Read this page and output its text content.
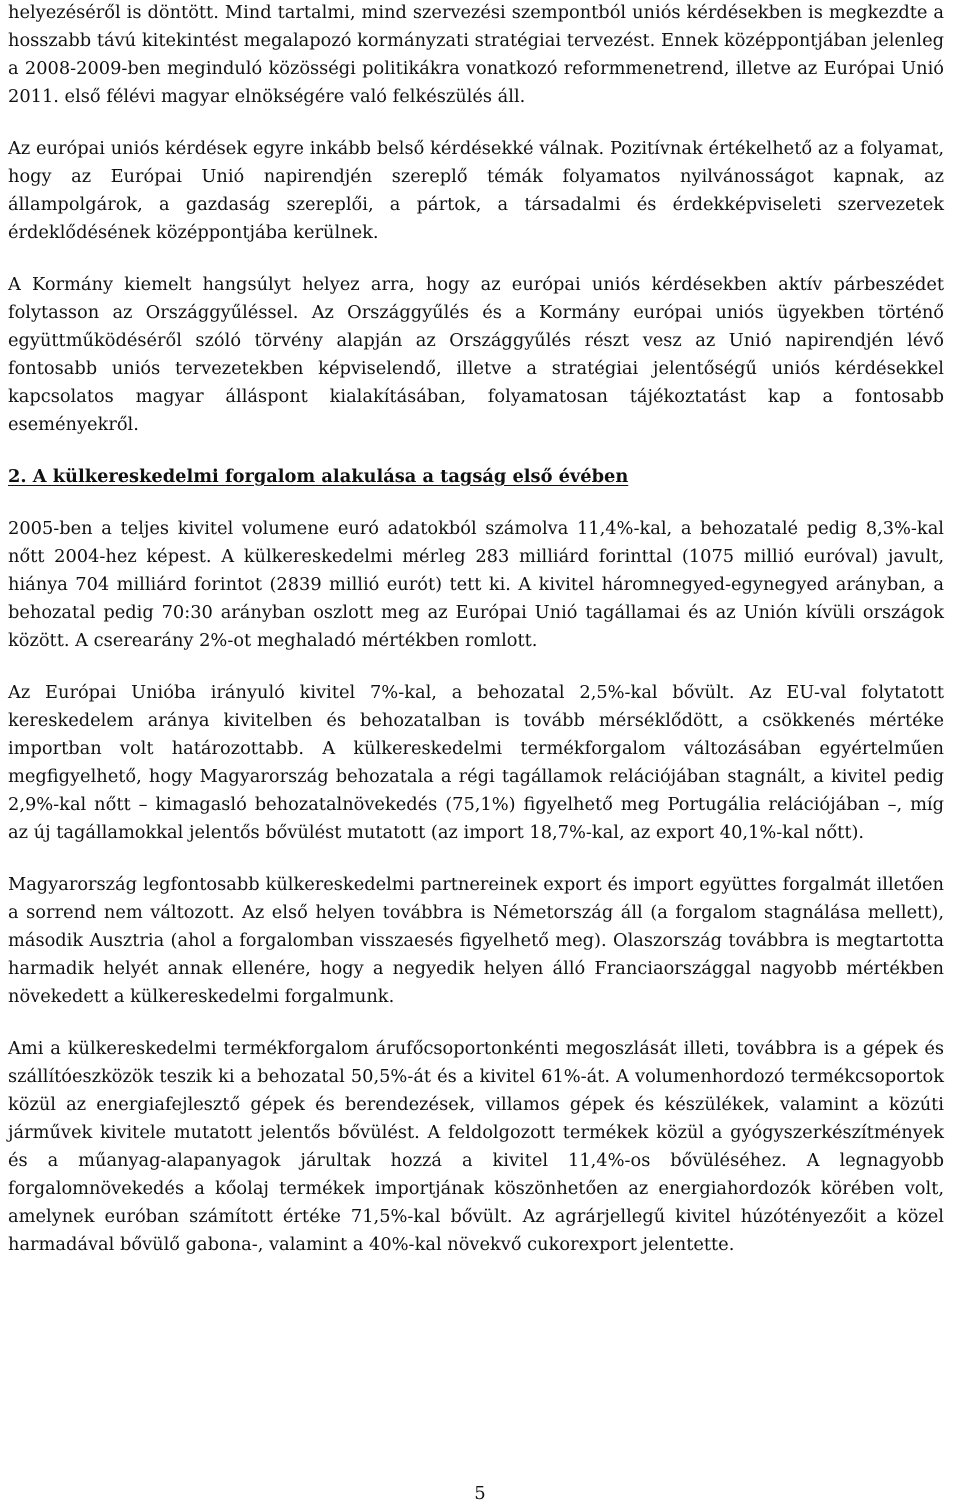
helyezéséről is döntött. Mind tartalmi, mind szervezési szempontból uniós kérdésekben is megkezdte a hosszabb távú kitekintést megalapozó kormányzati stratégiai tervezést. Ennek középpontjában jelenleg a 2008-2009-ben meginduló közösségi politikákra vonatkozó reformmenetrend, illetve az Európai Unió 2011. első félévi magyar elnökségére való felkészülés áll.

Az európai uniós kérdések egyre inkább belső kérdésekké válnak. Pozitívnak értékelhető az a folyamat, hogy az Európai Unió napirendjén szereplő témák folyamatos nyilvánosságot kapnak, az állampolgárok, a gazdaság szereplői, a pártok, a társadalmi és érdekképviseleti szervezetek érdeklődésének középpontjába kerülnek.

A Kormány kiemelt hangsúlyt helyez arra, hogy az európai uniós kérdésekben aktív párbeszédet folytasson az Országgyűléssel. Az Országgyűlés és a Kormány európai uniós ügyekben történő együttműködéséről szóló törvény alapján az Országgyűlés részt vesz az Unió napirendjén lévő fontosabb uniós tervezetekben képviselendő, illetve a stratégiai jelentőségű uniós kérdésekkel kapcsolatos magyar álláspont kialakításában, folyamatosan tájékoztatást kap a fontosabb eseményekről.

2. A külkereskedelmi forgalom alakulása a tagság első évében

2005-ben a teljes kivitel volumene euró adatokból számolva 11,4%-kal, a behozatalé pedig 8,3%-kal nőtt 2004-hez képest. A külkereskedelmi mérleg 283 milliárd forinttal (1075 millió euróval) javult, hiánya 704 milliárd forintot (2839 millió eurót) tett ki. A kivitel háromnegyed-egynegyed arányban, a behozatal pedig 70:30 arányban oszlott meg az Európai Unió tagállamai és az Unión kívüli országok között. A cserearány 2%-ot meghaladó mértékben romlott.

Az Európai Unióba irányuló kivitel 7%-kal, a behozatal 2,5%-kal bővült. Az EU-val folytatott kereskedelem aránya kivitelben és behozatalban is tovább mérséklődött, a csökkenés mértéke importban volt határozottabb. A külkereskedelmi termékforgalom változásában egyértelműen megfigyelhető, hogy Magyarország behozatala a régi tagállamok relációjában stagnált, a kivitel pedig 2,9%-kal nőtt – kimagasló behozatalnövekedés (75,1%) figyelhető meg Portugália relációjában –, míg az új tagállamokkal jelentős bővülést mutatott (az import 18,7%-kal, az export 40,1%-kal nőtt).

Magyarország legfontosabb külkereskedelmi partnereinek export és import együttes forgalmát illetően a sorrend nem változott. Az első helyen továbbra is Németország áll (a forgalom stagnálása mellett), második Ausztria (ahol a forgalomban visszaesés figyelhető meg). Olaszország továbbra is megtartotta harmadik helyét annak ellenére, hogy a negyedik helyen álló Franciaországgal nagyobb mértékben növekedett a külkereskedelmi forgalmunk.

Ami a külkereskedelmi termékforgalom árufőcsoportonkénti megoszlását illeti, továbbra is a gépek és szállítóeszközök teszik ki a behozatal 50,5%-át és a kivitel 61%-át. A volumenhordozó termékcsoportok közül az energiafejlesztő gépek és berendezések, villamos gépek és készülékek, valamint a közúti járművek kivitele mutatott jelentős bővülést. A feldolgozott termékek közül a gyógyszerkészítmények és a műanyag-alapanyagok járultak hozzá a kivitel 11,4%-os bővüléséhez. A legnagyobb forgalomnövekedés a kőolaj termékek importjának köszönhetően az energiahordozók körében volt, amelynek euróban számított értéke 71,5%-kal bővült. Az agrárjellegű kivitel húzótényezőit a közel harmadával bővülő gabona-, valamint a 40%-kal növekvő cukorexport jelentette.

5
